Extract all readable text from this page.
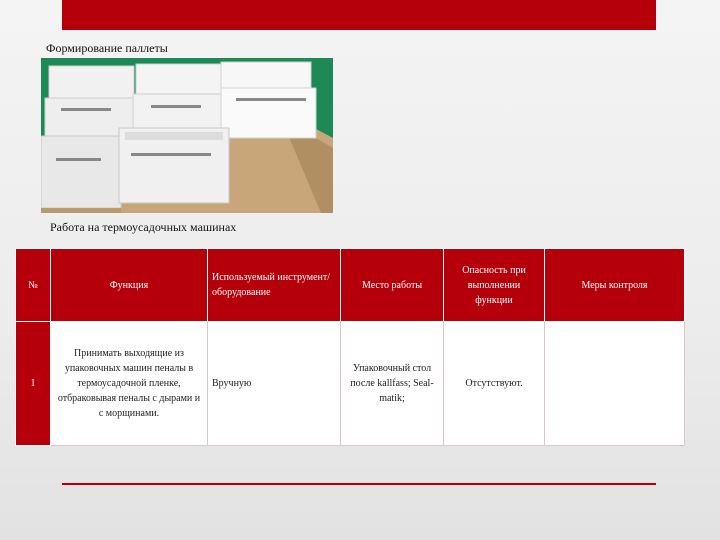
Формирование паллеты
Работа на термоусадочных машинах
№	Функция	Используемый инструмент/ оборудование	Место работы	Опасность при выполнении функции	Меры контроля
1	Принимать выходящие из упаковочных машин пеналы в термоусадочной пленке, отбраковывая пеналы с дырами и с морщинами.	Вручную	Упаковочный стол после kallfass; Seal-matik;	Отсутствуют.	
